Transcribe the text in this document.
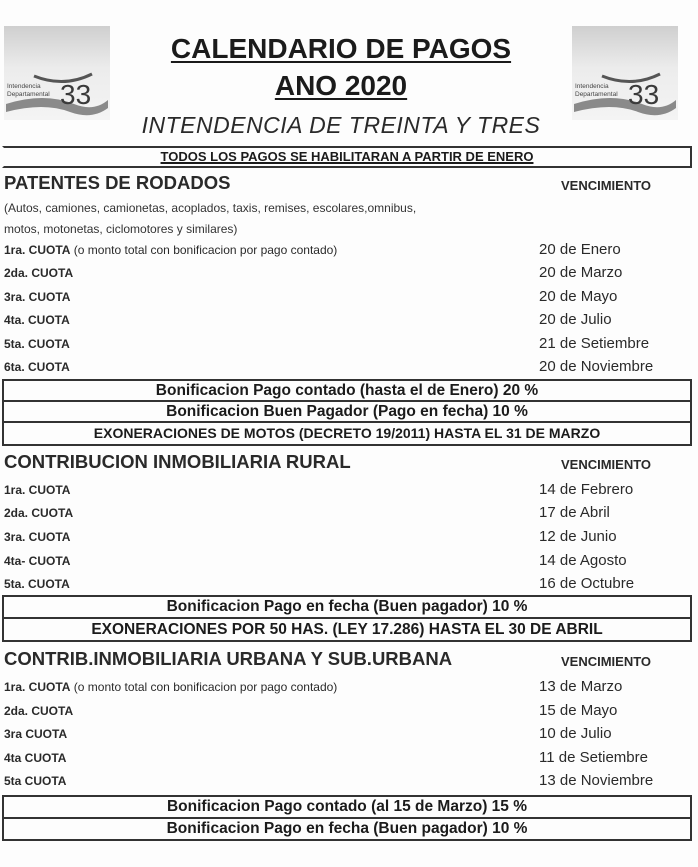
Intendencia
Departamental 33	Intendencia
Departamental 33
CALENDARIO DE PAGOS
ANO 2020
INTENDENCIA DE TREINTA Y TRES
TODOS LOS PAGOS SE HABILITARAN A PARTIR DE ENERO
PATENTES DE RODADOS	VENCIMIENTO
(Autos, camiones, camionetas, acoplados, taxis, remises, escolares,omnibus,
motos, motonetas, ciclomotores y similares)
1ra. CUOTA (o monto total con bonificacion por pago contado)	20 de Enero
2da. CUOTA	20 de Marzo
3ra. CUOTA	20 de Mayo
4ta. CUOTA	20 de Julio
5ta. CUOTA	21 de Setiembre
6ta. CUOTA	20 de Noviembre
Bonificacion Pago contado (hasta el de Enero) 20 %
Bonificacion Buen Pagador (Pago en fecha) 10 %
EXONERACIONES DE MOTOS (DECRETO 19/2011) HASTA EL 31 DE MARZO
CONTRIBUCION INMOBILIARIA RURAL	VENCIMIENTO
1ra. CUOTA	14 de Febrero
2da. CUOTA	17 de Abril
3ra. CUOTA	12 de Junio
4ta- CUOTA	14 de Agosto
5ta. CUOTA	16 de Octubre
Bonificacion Pago en fecha (Buen pagador) 10 %
EXONERACIONES POR 50 HAS. (LEY 17.286) HASTA EL 30 DE ABRIL
CONTRIB.INMOBILIARIA URBANA Y SUB.URBANA	VENCIMIENTO
1ra. CUOTA (o monto total con bonificacion por pago contado)	13 de Marzo
2da. CUOTA	15 de Mayo
3ra CUOTA	10 de Julio
4ta CUOTA	11 de Setiembre
5ta CUOTA	13 de Noviembre
Bonificacion Pago contado (al 15 de Marzo) 15 %
Bonificacion Pago en fecha (Buen pagador) 10 %
